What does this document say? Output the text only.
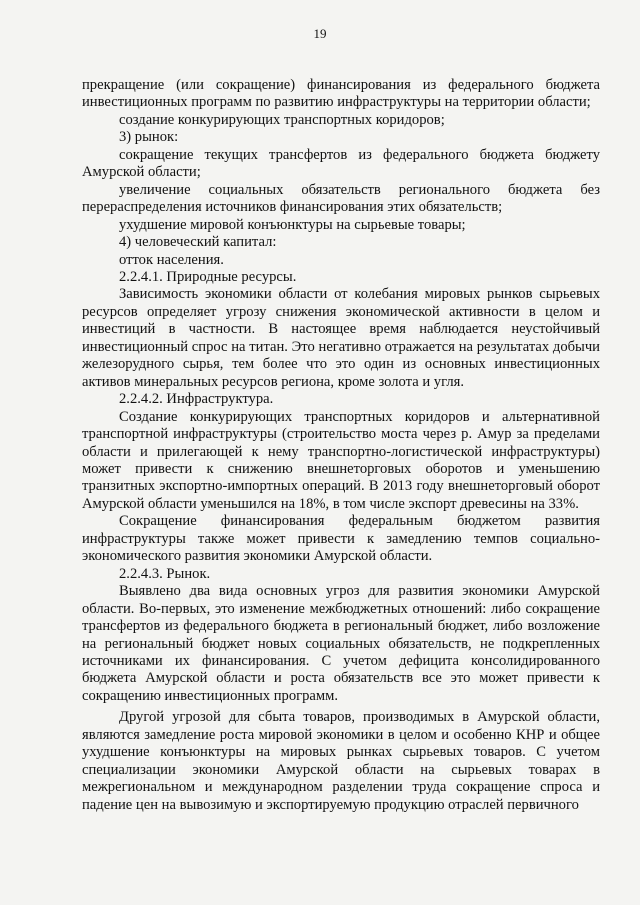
19

прекращение (или сокращение) финансирования из федерального бюджета инвестиционных программ по развитию инфраструктуры на территории области;

создание конкурирующих транспортных коридоров;

3) рынок:

сокращение текущих трансфертов из федерального бюджета бюджету Амурской области;

увеличение социальных обязательств регионального бюджета без перераспределения источников финансирования этих обязательств;

ухудшение мировой конъюнктуры на сырьевые товары;

4) человеческий капитал:

отток населения.

2.2.4.1. Природные ресурсы.

Зависимость экономики области от колебания мировых рынков сырьевых ресурсов определяет угрозу снижения экономической активности в целом и инвестиций в частности. В настоящее время наблюдается неустойчивый инвестиционный спрос на титан. Это негативно отражается на результатах добычи железорудного сырья, тем более что это один из основных инвестиционных активов минеральных ресурсов региона, кроме золота и угля.

2.2.4.2. Инфраструктура.

Создание конкурирующих транспортных коридоров и альтернативной транспортной инфраструктуры (строительство моста через р. Амур за пределами области и прилегающей к нему транспортно-логистической инфраструктуры) может привести к снижению внешнеторговых оборотов и уменьшению транзитных экспортно-импортных операций. В 2013 году внешнеторговый оборот Амурской области уменьшился на 18%, в том числе экспорт древесины на 33%.

Сокращение финансирования федеральным бюджетом развития инфраструктуры также может привести к замедлению темпов социально-экономического развития экономики Амурской области.

2.2.4.3. Рынок.

Выявлено два вида основных угроз для развития экономики Амурской области. Во-первых, это изменение межбюджетных отношений: либо сокращение трансфертов из федерального бюджета в региональный бюджет, либо возложение на региональный бюджет новых социальных обязательств, не подкрепленных источниками их финансирования. С учетом дефицита консолидированного бюджета Амурской области и роста обязательств все это может привести к сокращению инвестиционных программ.

Другой угрозой для сбыта товаров, производимых в Амурской области, являются замедление роста мировой экономики в целом и особенно КНР и общее ухудшение конъюнктуры на мировых рынках сырьевых товаров. С учетом специализации экономики Амурской области на сырьевых товарах в межрегиональном и международном разделении труда сокращение спроса и падение цен на вывозимую и экспортируемую продукцию отраслей первичного
